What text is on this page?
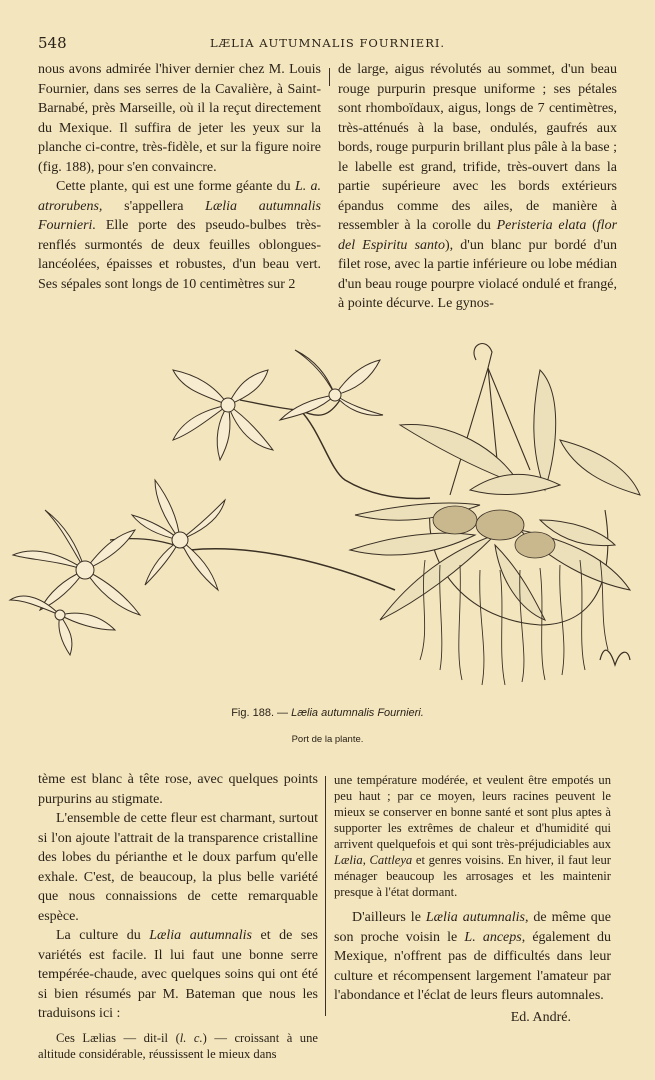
548	LÆLIA AUTUMNALIS FOURNIERI.

nous avons admirée l'hiver dernier chez M. Louis Fournier, dans ses serres de la Cavalière, à Saint-Barnabé, près Marseille, où il la reçut directement du Mexique. Il suffira de jeter les yeux sur la planche ci-contre, très-fidèle, et sur la figure noire (fig. 188), pour s'en convaincre.

Cette plante, qui est une forme géante du L. a. atrorubens, s'appellera Lælia autumnalis Fournieri. Elle porte des pseudo-bulbes très-renflés surmontés de deux feuilles oblongues-lancéolées, épaisses et robustes, d'un beau vert. Ses sépales sont longs de 10 centimètres sur 2

de large, aigus révolutés au sommet, d'un beau rouge purpurin presque uniforme ; ses pétales sont rhomboïdaux, aigus, longs de 7 centimètres, très-atténués à la base, ondulés, gaufrés aux bords, rouge purpurin brillant plus pâle à la base ; le labelle est grand, trifide, très-ouvert dans la partie supérieure avec les bords extérieurs épandus comme des ailes, de manière à ressembler à la corolle du Peristeria elata (flor del Espiritu santo), d'un blanc pur bordé d'un filet rose, avec la partie inférieure ou lobe médian d'un beau rouge pourpre violacé ondulé et frangé, à pointe décurve. Le gynos-

Fig. 188. — Lælia autumnalis Fournieri.
Port de la plante.

tème est blanc à tête rose, avec quelques points purpurins au stigmate.

L'ensemble de cette fleur est charmant, surtout si l'on ajoute l'attrait de la transparence cristalline des lobes du périanthe et le doux parfum qu'elle exhale. C'est, de beaucoup, la plus belle variété que nous connaissions de cette remarquable espèce.

La culture du Lælia autumnalis et de ses variétés est facile. Il lui faut une bonne serre tempérée-chaude, avec quelques soins qui ont été si bien résumés par M. Bateman que nous les traduisons ici :

Ces Lælias — dit-il (l. c.) — croissant à une altitude considérable, réussissent le mieux dans

une température modérée, et veulent être empotés un peu haut ; par ce moyen, leurs racines peuvent le mieux se conserver en bonne santé et sont plus aptes à supporter les extrêmes de chaleur et d'humidité qui arrivent quelquefois et qui sont très-préjudiciables aux Lælia, Cattleya et genres voisins. En hiver, il faut leur ménager beaucoup les arrosages et les maintenir presque à l'état dormant.

D'ailleurs le Lælia autumnalis, de même que son proche voisin le L. anceps, également du Mexique, n'offrent pas de difficultés dans leur culture et récompensent largement l'amateur par l'abondance et l'éclat de leurs fleurs automnales.

Ed. André.
